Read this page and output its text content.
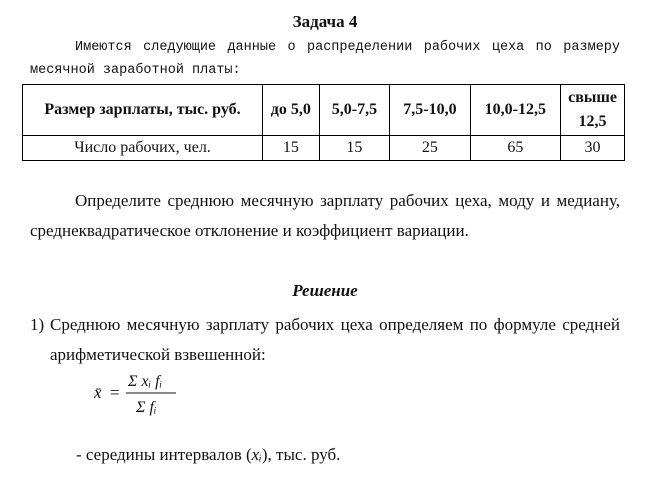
Задача 4
Имеются следующие данные о распределении рабочих цеха по размеру
месячной заработной платы:
Размер зарплаты, тыс. руб.	до 5,0	5,0-7,5	7,5-10,0	10,0-12,5	свыше 12,5
Число рабочих, чел.	15	15	25	65	30
Определите среднюю месячную зарплату рабочих цеха, моду и медиану, среднеквадратическое отклонение и коэффициент вариации.
Решение
1) Среднюю месячную зарплату рабочих цеха определяем по формуле средней арифметической взвешенной:
x̄ =
Σ xᵢ fᵢ
Σ fᵢ
- середины интервалов (xᵢ), тыс. руб.
